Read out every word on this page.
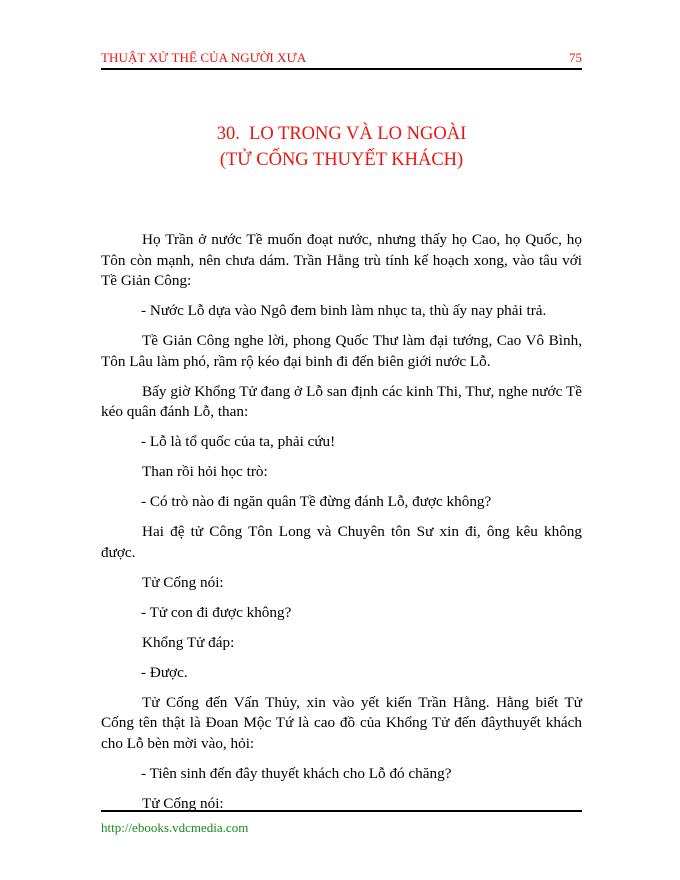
THUẬT XỬ THẾ CỦA NGƯỜI XƯA	75
30.  LO TRONG VÀ LO NGOÀI
(TỬ CỐNG THUYẾT KHÁCH)

Họ Trần ở nước Tề muốn đoạt nước, nhưng thấy họ Cao, họ Quốc, họ Tôn còn mạnh, nên chưa dám. Trần Hằng trù tính kế hoạch xong, vào tâu với Tề Giản Công:

- Nước Lỗ dựa vào Ngô đem binh làm nhục ta, thù ấy nay phải trả.

Tề Giản Công nghe lời, phong Quốc Thư làm đại tướng, Cao Vô Bình, Tôn Lâu làm phó, rầm rộ kéo đại binh đi đến biên giới nước Lỗ.

Bấy giờ Khổng Tử đang ở Lỗ san định các kinh Thi, Thư, nghe nước Tề kéo quân đánh Lỗ, than:

- Lỗ là tổ quốc của ta, phải cứu!

Than rồi hỏi học trò:

- Có trò nào đi ngăn quân Tề đừng đánh Lỗ, được không?

Hai đệ tử Công Tôn Long và Chuyên tôn Sư xin đi, ông kêu không được.

Tử Cống nói:

- Tử con đi được không?

Khổng Tử đáp:

- Được.

Tử Cống đến Vấn Thủy, xin vào yết kiến Trần Hằng. Hằng biết Tử Cống tên thật là Đoan Mộc Tứ là cao đồ của Khổng Tử đến đâythuyết khách cho Lỗ bèn mời vào, hỏi:

- Tiên sinh đến đây thuyết khách cho Lỗ đó chăng?

Tử Cống nói:

http://ebooks.vdcmedia.com
